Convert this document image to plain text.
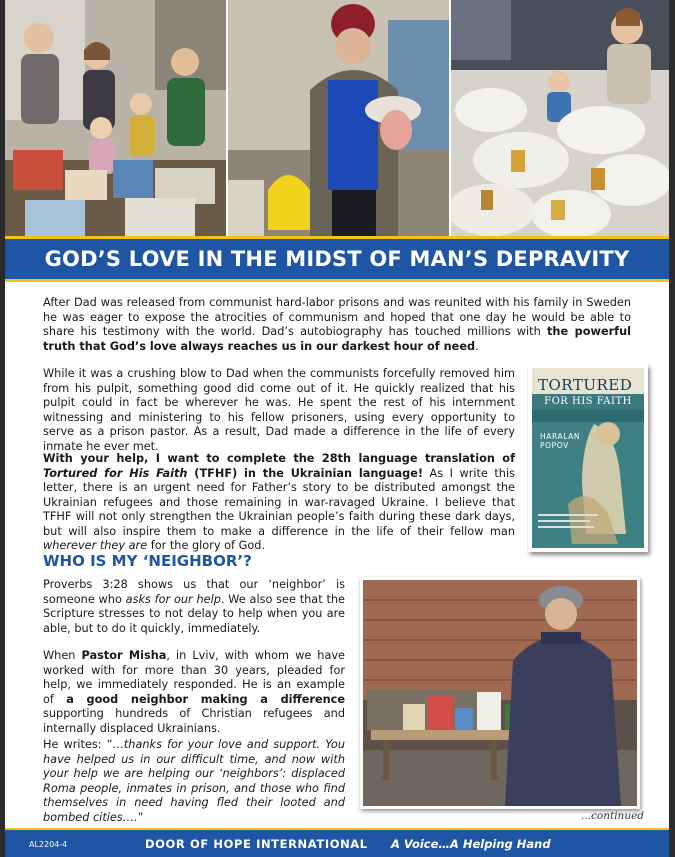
GOD’S LOVE IN THE MIDST OF MAN’S DEPRAVITY

After Dad was released from communist hard-labor prisons and was reunited with his family in Sweden he was eager to expose the atrocities of communism and hoped that one day he would be able to share his testimony with the world. Dad’s autobiography has touched millions with the powerful truth that God’s love always reaches us in our darkest hour of need.

While it was a crushing blow to Dad when the communists forcefully removed him from his pulpit, something good did come out of it. He quickly realized that his pulpit could in fact be wherever he was. He spent the rest of his internment witnessing and ministering to his fellow prisoners, using every opportunity to serve as a prison pastor. As a result, Dad made a difference in the life of every inmate he ever met.

With your help, I want to complete the 28th language translation of Tortured for His Faith (TFHF) in the Ukrainian language! As I write this letter, there is an urgent need for Father’s story to be distributed amongst the Ukrainian refugees and those remaining in war-ravaged Ukraine. I believe that TFHF will not only strengthen the Ukrainian people’s faith during these dark days, but will also inspire them to make a difference in the life of their fellow man wherever they are for the glory of God.

TORTURED
FOR HIS FAITH
HARALAN POPOV
WHO IS MY ‘NEIGHBOR’?

Proverbs 3:28 shows us that our ‘neighbor’ is someone who asks for our help. We also see that the Scripture stresses to not delay to help when you are able, but to do it quickly, immediately.

When Pastor Misha, in Lviv, with whom we have worked with for more than 30 years, pleaded for help, we immediately responded. He is an example of a good neighbor making a difference supporting hundreds of Christian refugees and internally displaced Ukrainians.

He writes: “…thanks for your love and support. You have helped us in our difficult time, and now with your help we are helping our ‘neighbors’: displaced Roma people, inmates in prison, and those who find themselves in need having fled their looted and bombed cities….”	...continued
AL2204-4	DOOR OF HOPE INTERNATIONAL A Voice…A Helping Hand
